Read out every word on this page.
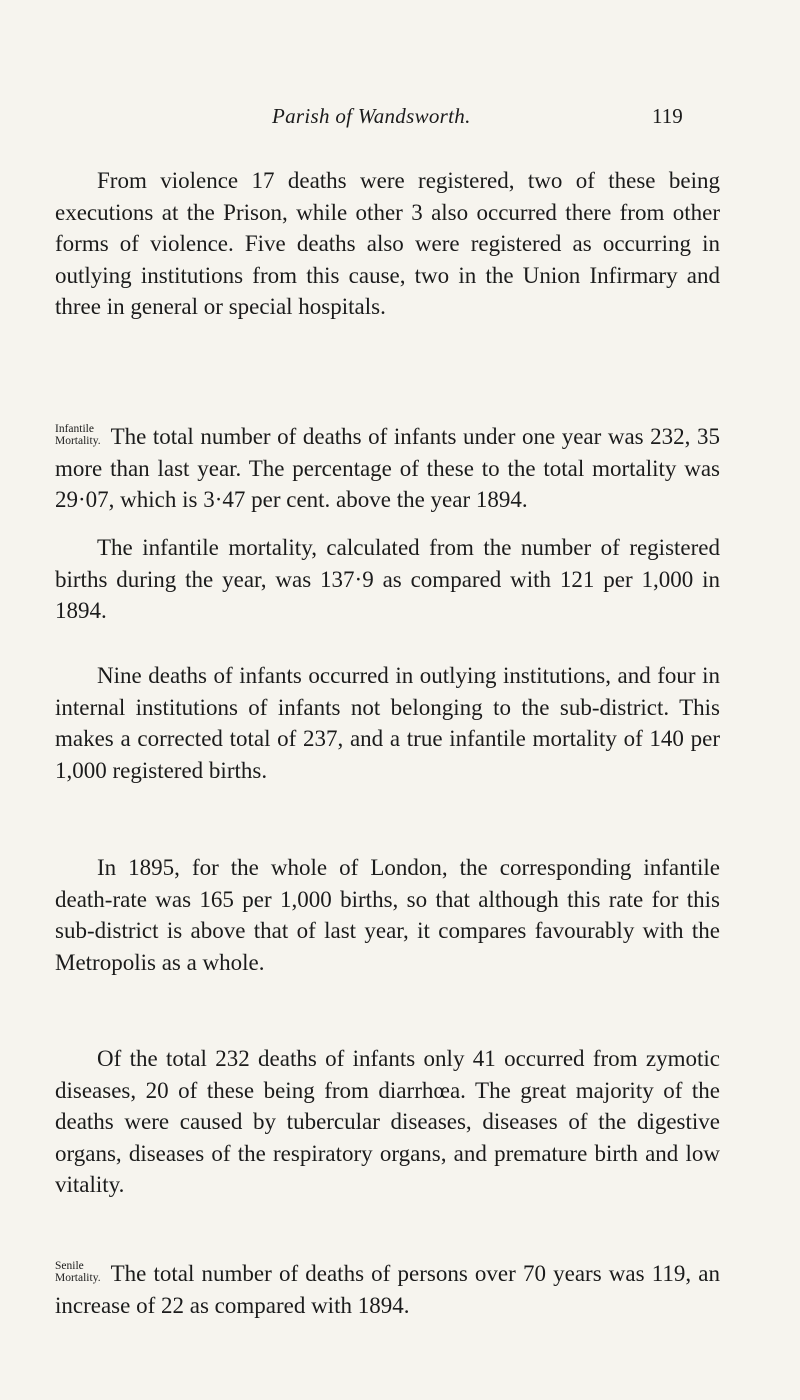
Parish of Wandsworth.	119

From violence 17 deaths were registered, two of these being executions at the Prison, while other 3 also occurred there from other forms of violence. Five deaths also were registered as occurring in outlying institutions from this cause, two in the Union Infirmary and three in general or special hospitals.

Infantile
Mortality. The total number of deaths of infants under one year was 232, 35 more than last year. The percentage of these to the total mortality was 29·07, which is 3·47 per cent. above the year 1894.

The infantile mortality, calculated from the number of registered births during the year, was 137·9 as compared with 121 per 1,000 in 1894.

Nine deaths of infants occurred in outlying institutions, and four in internal institutions of infants not belonging to the sub-district. This makes a corrected total of 237, and a true infantile mortality of 140 per 1,000 registered births.

In 1895, for the whole of London, the corresponding infantile death-rate was 165 per 1,000 births, so that although this rate for this sub-district is above that of last year, it compares favourably with the Metropolis as a whole.

Of the total 232 deaths of infants only 41 occurred from zymotic diseases, 20 of these being from diarrhœa. The great majority of the deaths were caused by tubercular diseases, diseases of the digestive organs, diseases of the respiratory organs, and premature birth and low vitality.

Senile
Mortality. The total number of deaths of persons over 70 years was 119, an increase of 22 as compared with 1894.
